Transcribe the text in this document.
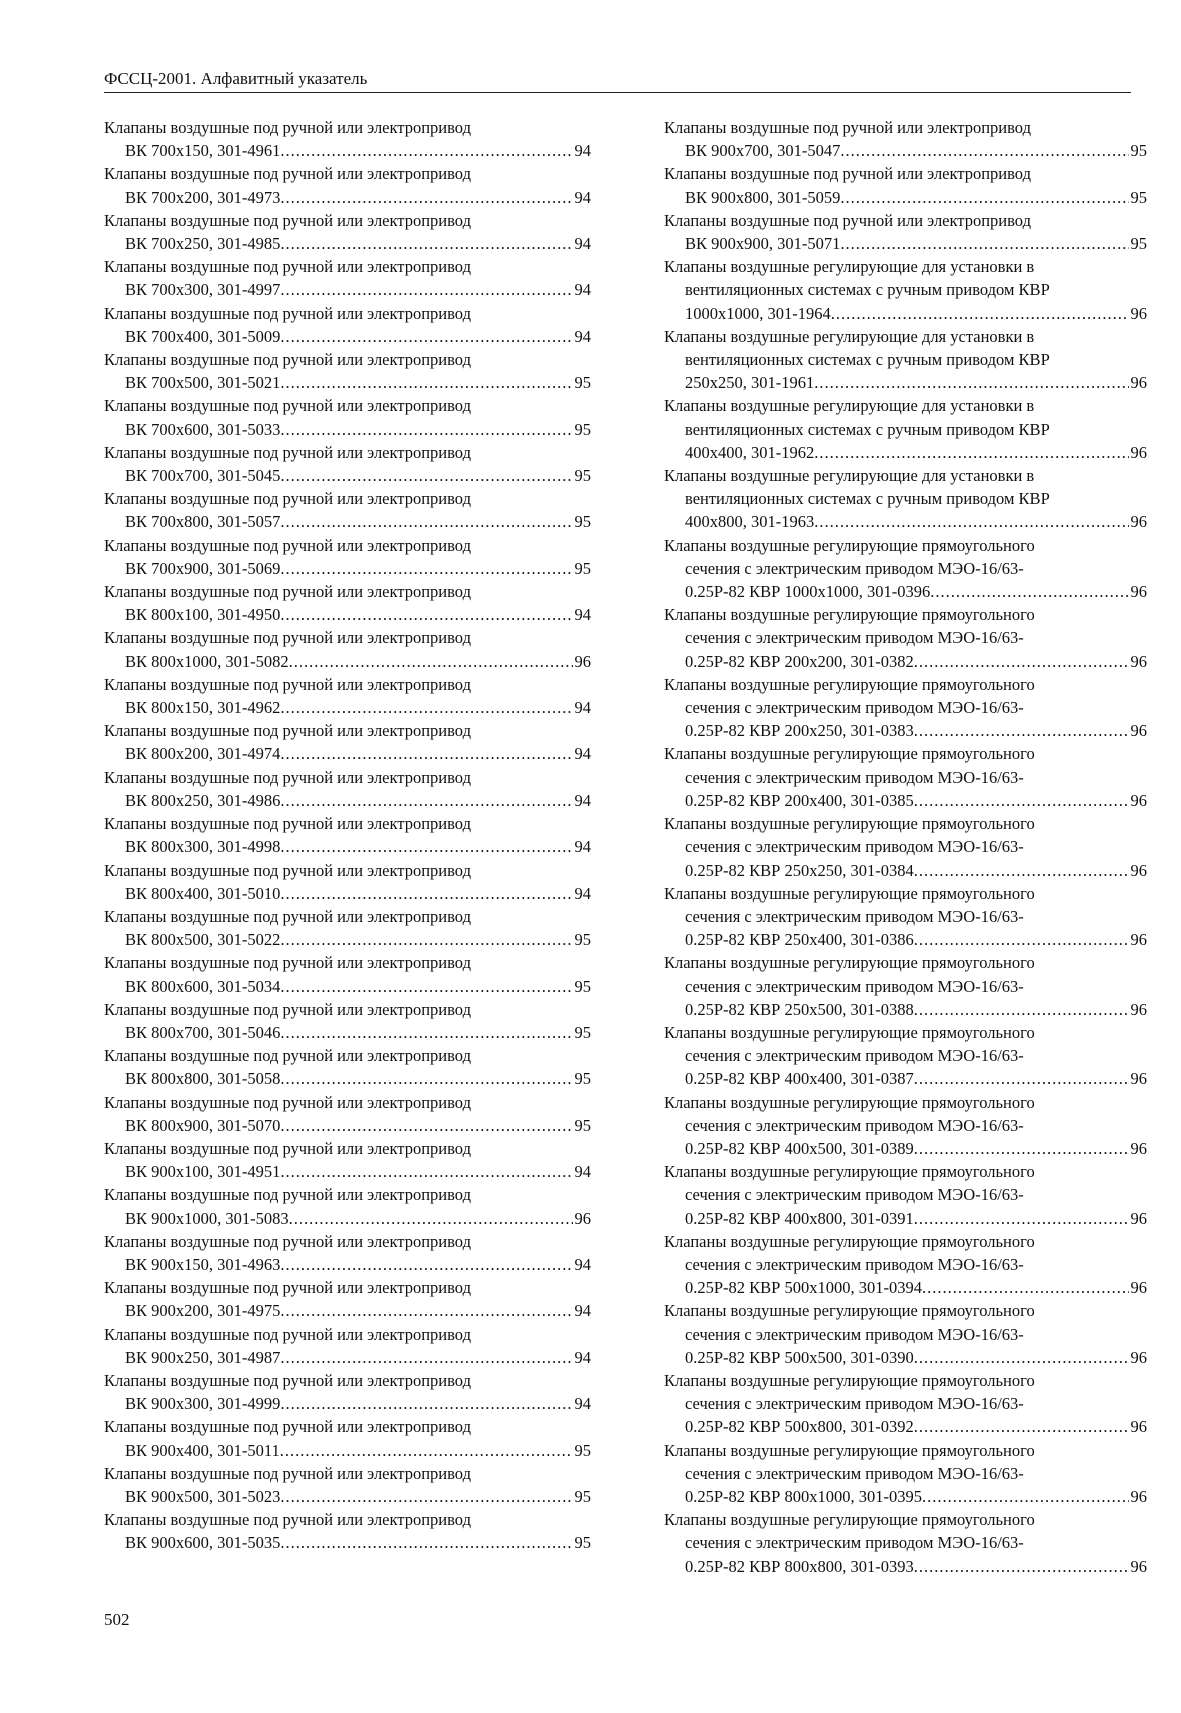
ФССЦ-2001. Алфавитный указатель
Клапаны воздушные под ручной или электропривод
ВК 700х150, 301-4961 .....	94
Клапаны воздушные под ручной или электропривод
ВК 700х200, 301-4973 .....	94
Клапаны воздушные под ручной или электропривод
ВК 700х250, 301-4985 .....	94
Клапаны воздушные под ручной или электропривод
ВК 700х300, 301-4997 .....	94
Клапаны воздушные под ручной или электропривод
ВК 700х400, 301-5009 .....	94
Клапаны воздушные под ручной или электропривод
ВК 700х500, 301-5021 .....	95
Клапаны воздушные под ручной или электропривод
ВК 700х600, 301-5033 .....	95
Клапаны воздушные под ручной или электропривод
ВК 700х700, 301-5045 .....	95
Клапаны воздушные под ручной или электропривод
ВК 700х800, 301-5057 .....	95
Клапаны воздушные под ручной или электропривод
ВК 700х900, 301-5069 .....	95
Клапаны воздушные под ручной или электропривод
ВК 800х100, 301-4950 .....	94
Клапаны воздушные под ручной или электропривод
ВК 800х1000, 301-5082 .....	96
Клапаны воздушные под ручной или электропривод
ВК 800х150, 301-4962 .....	94
Клапаны воздушные под ручной или электропривод
ВК 800х200, 301-4974 .....	94
Клапаны воздушные под ручной или электропривод
ВК 800х250, 301-4986 .....	94
Клапаны воздушные под ручной или электропривод
ВК 800х300, 301-4998 .....	94
Клапаны воздушные под ручной или электропривод
ВК 800х400, 301-5010 .....	94
Клапаны воздушные под ручной или электропривод
ВК 800х500, 301-5022 .....	95
Клапаны воздушные под ручной или электропривод
ВК 800х600, 301-5034 .....	95
Клапаны воздушные под ручной или электропривод
ВК 800х700, 301-5046 .....	95
Клапаны воздушные под ручной или электропривод
ВК 800х800, 301-5058 .....	95
Клапаны воздушные под ручной или электропривод
ВК 800х900, 301-5070 .....	95
Клапаны воздушные под ручной или электропривод
ВК 900х100, 301-4951 .....	94
Клапаны воздушные под ручной или электропривод
ВК 900х1000, 301-5083 .....	96
Клапаны воздушные под ручной или электропривод
ВК 900х150, 301-4963 .....	94
Клапаны воздушные под ручной или электропривод
ВК 900х200, 301-4975 .....	94
Клапаны воздушные под ручной или электропривод
ВК 900х250, 301-4987 .....	94
Клапаны воздушные под ручной или электропривод
ВК 900х300, 301-4999 .....	94
Клапаны воздушные под ручной или электропривод
ВК 900х400, 301-5011 .....	95
Клапаны воздушные под ручной или электропривод
ВК 900х500, 301-5023 .....	95
Клапаны воздушные под ручной или электропривод
ВК 900х600, 301-5035 .....	95
Клапаны воздушные под ручной или электропривод
ВК 900х700, 301-5047 .....	95
Клапаны воздушные под ручной или электропривод
ВК 900х800, 301-5059 .....	95
Клапаны воздушные под ручной или электропривод
ВК 900х900, 301-5071 .....	95
Клапаны воздушные регулирующие для установки в
вентиляционных системах с ручным приводом КВР
1000х1000, 301-1964 .....	96
Клапаны воздушные регулирующие для установки в
вентиляционных системах с ручным приводом КВР
250х250, 301-1961 .....	96
Клапаны воздушные регулирующие для установки в
вентиляционных системах с ручным приводом КВР
400х400, 301-1962 .....	96
Клапаны воздушные регулирующие для установки в
вентиляционных системах с ручным приводом КВР
400х800, 301-1963 .....	96
Клапаны воздушные регулирующие прямоугольного
сечения с электрическим приводом МЭО-16/63-
0.25Р-82 КВР 1000х1000, 301-0396 .....	96
Клапаны воздушные регулирующие прямоугольного
сечения с электрическим приводом МЭО-16/63-
0.25Р-82 КВР 200х200, 301-0382 .....	96
Клапаны воздушные регулирующие прямоугольного
сечения с электрическим приводом МЭО-16/63-
0.25Р-82 КВР 200х250, 301-0383 .....	96
Клапаны воздушные регулирующие прямоугольного
сечения с электрическим приводом МЭО-16/63-
0.25Р-82 КВР 200х400, 301-0385 .....	96
Клапаны воздушные регулирующие прямоугольного
сечения с электрическим приводом МЭО-16/63-
0.25Р-82 КВР 250х250, 301-0384 .....	96
Клапаны воздушные регулирующие прямоугольного
сечения с электрическим приводом МЭО-16/63-
0.25Р-82 КВР 250х400, 301-0386 .....	96
Клапаны воздушные регулирующие прямоугольного
сечения с электрическим приводом МЭО-16/63-
0.25Р-82 КВР 250х500, 301-0388 .....	96
Клапаны воздушные регулирующие прямоугольного
сечения с электрическим приводом МЭО-16/63-
0.25Р-82 КВР 400х400, 301-0387 .....	96
Клапаны воздушные регулирующие прямоугольного
сечения с электрическим приводом МЭО-16/63-
0.25Р-82 КВР 400х500, 301-0389 .....	96
Клапаны воздушные регулирующие прямоугольного
сечения с электрическим приводом МЭО-16/63-
0.25Р-82 КВР 400х800, 301-0391 .....	96
Клапаны воздушные регулирующие прямоугольного
сечения с электрическим приводом МЭО-16/63-
0.25Р-82 КВР 500х1000, 301-0394 .....	96
Клапаны воздушные регулирующие прямоугольного
сечения с электрическим приводом МЭО-16/63-
0.25Р-82 КВР 500х500, 301-0390 .....	96
Клапаны воздушные регулирующие прямоугольного
сечения с электрическим приводом МЭО-16/63-
0.25Р-82 КВР 500х800, 301-0392 .....	96
Клапаны воздушные регулирующие прямоугольного
сечения с электрическим приводом МЭО-16/63-
0.25Р-82 КВР 800х1000, 301-0395 .....	96
Клапаны воздушные регулирующие прямоугольного
сечения с электрическим приводом МЭО-16/63-
0.25Р-82 КВР 800х800, 301-0393 .....	96
502
